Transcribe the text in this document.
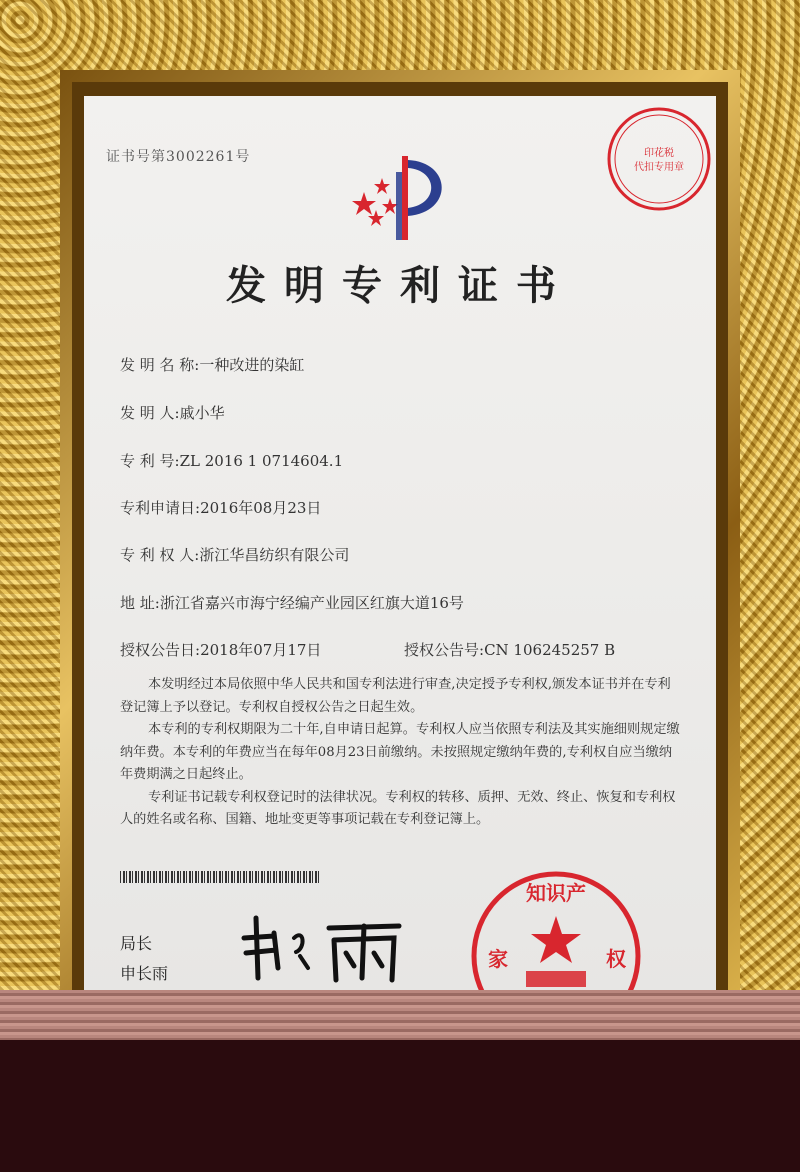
证书号第3002261号
发明专利证书
发 明 名 称:一种改进的染缸
发 明 人:戚小华
专 利 号:ZL 2016 1 0714604.1
专利申请日:2016年08月23日
专 利 权 人:浙江华昌纺织有限公司
地 址:浙江省嘉兴市海宁经编产业园区红旗大道16号
授权公告日:2018年07月17日	授权公告号:CN 106245257 B

本发明经过本局依照中华人民共和国专利法进行审查,决定授予专利权,颁发本证书并在专利登记簿上予以登记。专利权自授权公告之日起生效。

本专利的专利权期限为二十年,自申请日起算。专利权人应当依照专利法及其实施细则规定缴纳年费。本专利的年费应当在每年08月23日前缴纳。未按照规定缴纳年费的,专利权自应当缴纳年费期满之日起终止。

专利证书记载专利权登记时的法律状况。专利权的转移、质押、无效、终止、恢复和专利权人的姓名或名称、国籍、地址变更等事项记载在专利登记簿上。

局长
申长雨
印花税
代扣专用章
知识产
家	权
